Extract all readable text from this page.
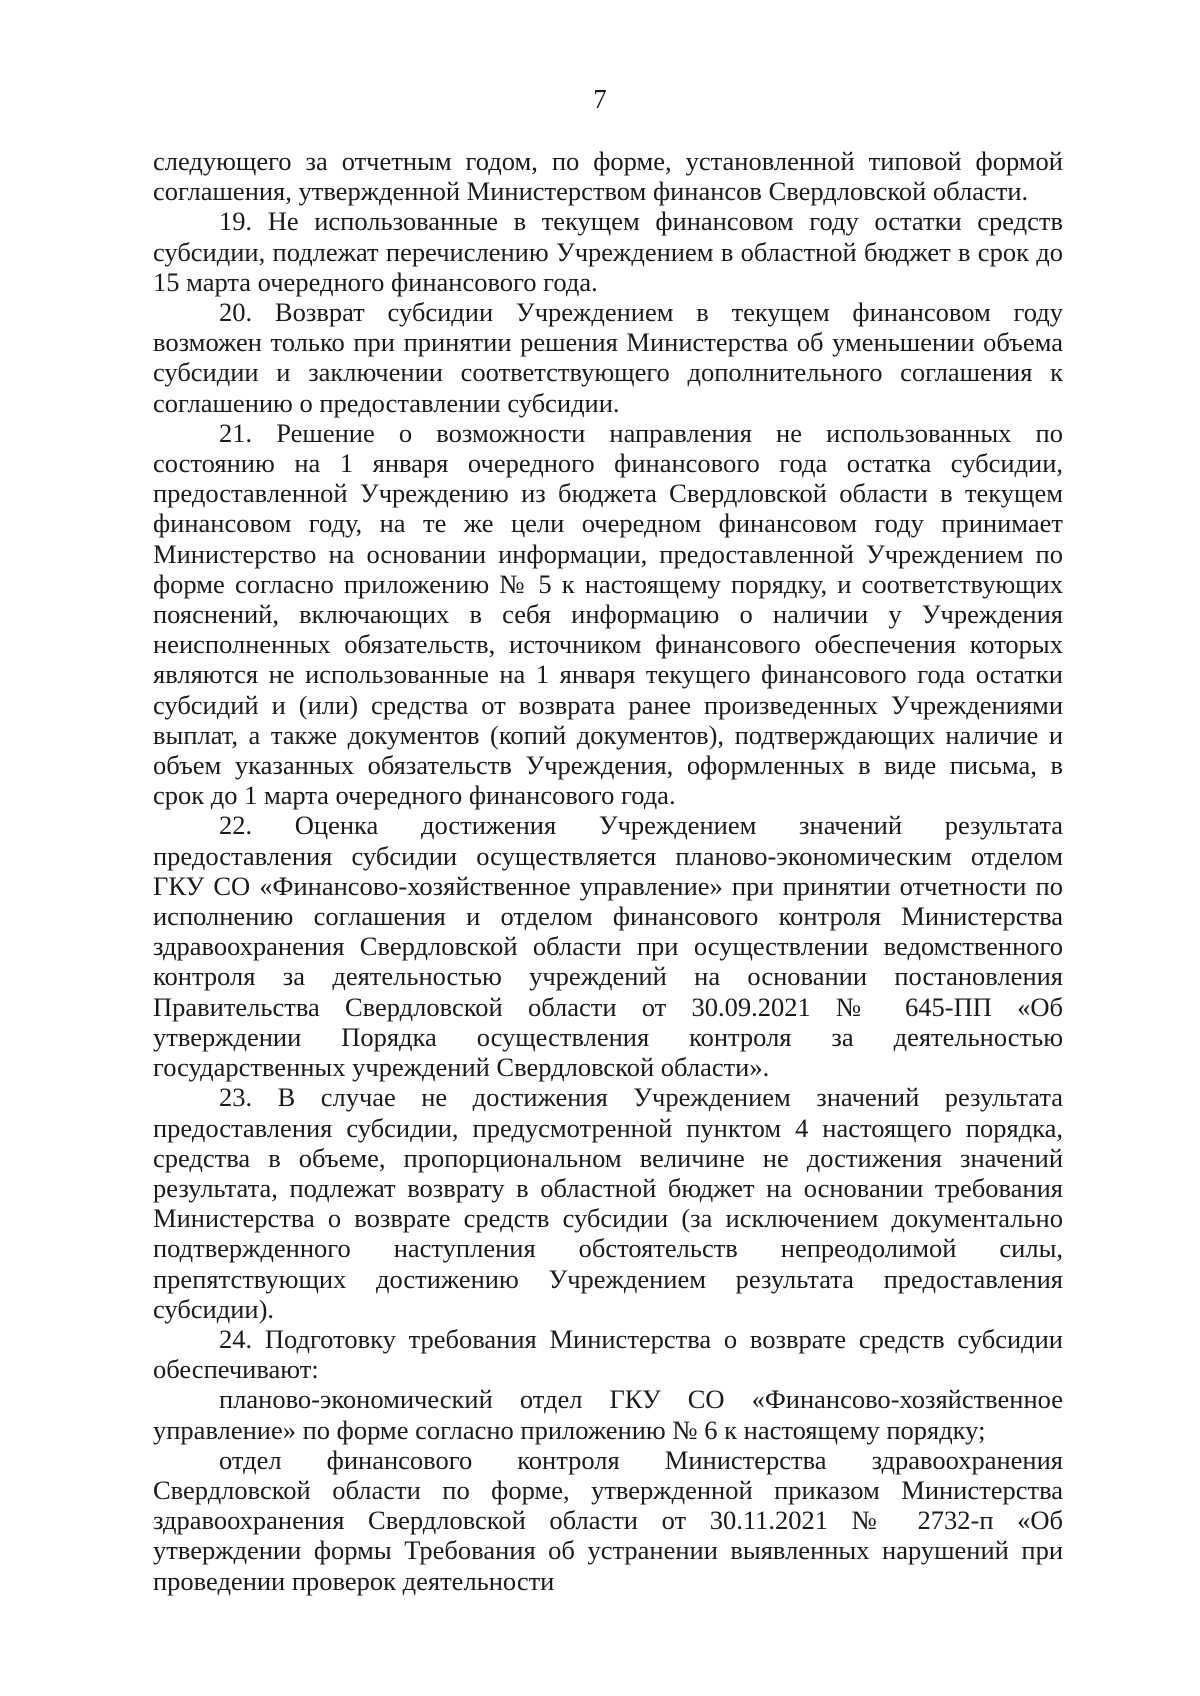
7

следующего за отчетным годом, по форме, установленной типовой формой соглашения, утвержденной Министерством финансов Свердловской области.

19. Не использованные в текущем финансовом году остатки средств субсидии, подлежат перечислению Учреждением в областной бюджет в срок до 15 марта очередного финансового года.

20. Возврат субсидии Учреждением в текущем финансовом году возможен только при принятии решения Министерства об уменьшении объема субсидии и заключении соответствующего дополнительного соглашения к соглашению о предоставлении субсидии.

21. Решение о возможности направления не использованных по состоянию на 1 января очередного финансового года остатка субсидии, предоставленной Учреждению из бюджета Свердловской области в текущем финансовом году, на те же цели очередном финансовом году принимает Министерство на основании информации, предоставленной Учреждением по форме согласно приложению № 5 к настоящему порядку, и соответствующих пояснений, включающих в себя информацию о наличии у Учреждения неисполненных обязательств, источником финансового обеспечения которых являются не использованные на 1 января текущего финансового года остатки субсидий и (или) средства от возврата ранее произведенных Учреждениями выплат, а также документов (копий документов), подтверждающих наличие и объем указанных обязательств Учреждения, оформленных в виде письма, в срок до 1 марта очередного финансового года.

22. Оценка достижения Учреждением значений результата предоставления субсидии осуществляется планово-экономическим отделом ГКУ СО «Финансово-хозяйственное управление» при принятии отчетности по исполнению соглашения и отделом финансового контроля Министерства здравоохранения Свердловской области при осуществлении ведомственного контроля за деятельностью учреждений на основании постановления Правительства Свердловской области от 30.09.2021 № 645-ПП «Об утверждении Порядка осуществления контроля за деятельностью государственных учреждений Свердловской области».

23. В случае не достижения Учреждением значений результата предоставления субсидии, предусмотренной пунктом 4 настоящего порядка, средства в объеме, пропорциональном величине не достижения значений результата, подлежат возврату в областной бюджет на основании требования Министерства о возврате средств субсидии (за исключением документально подтвержденного наступления обстоятельств непреодолимой силы, препятствующих достижению Учреждением результата предоставления субсидии).

24. Подготовку требования Министерства о возврате средств субсидии обеспечивают:

планово-экономический отдел ГКУ СО «Финансово-хозяйственное управление» по форме согласно приложению № 6 к настоящему порядку;

отдел финансового контроля Министерства здравоохранения Свердловской области по форме, утвержденной приказом Министерства здравоохранения Свердловской области от 30.11.2021 № 2732-п «Об утверждении формы Требования об устранении выявленных нарушений при проведении проверок деятельности
